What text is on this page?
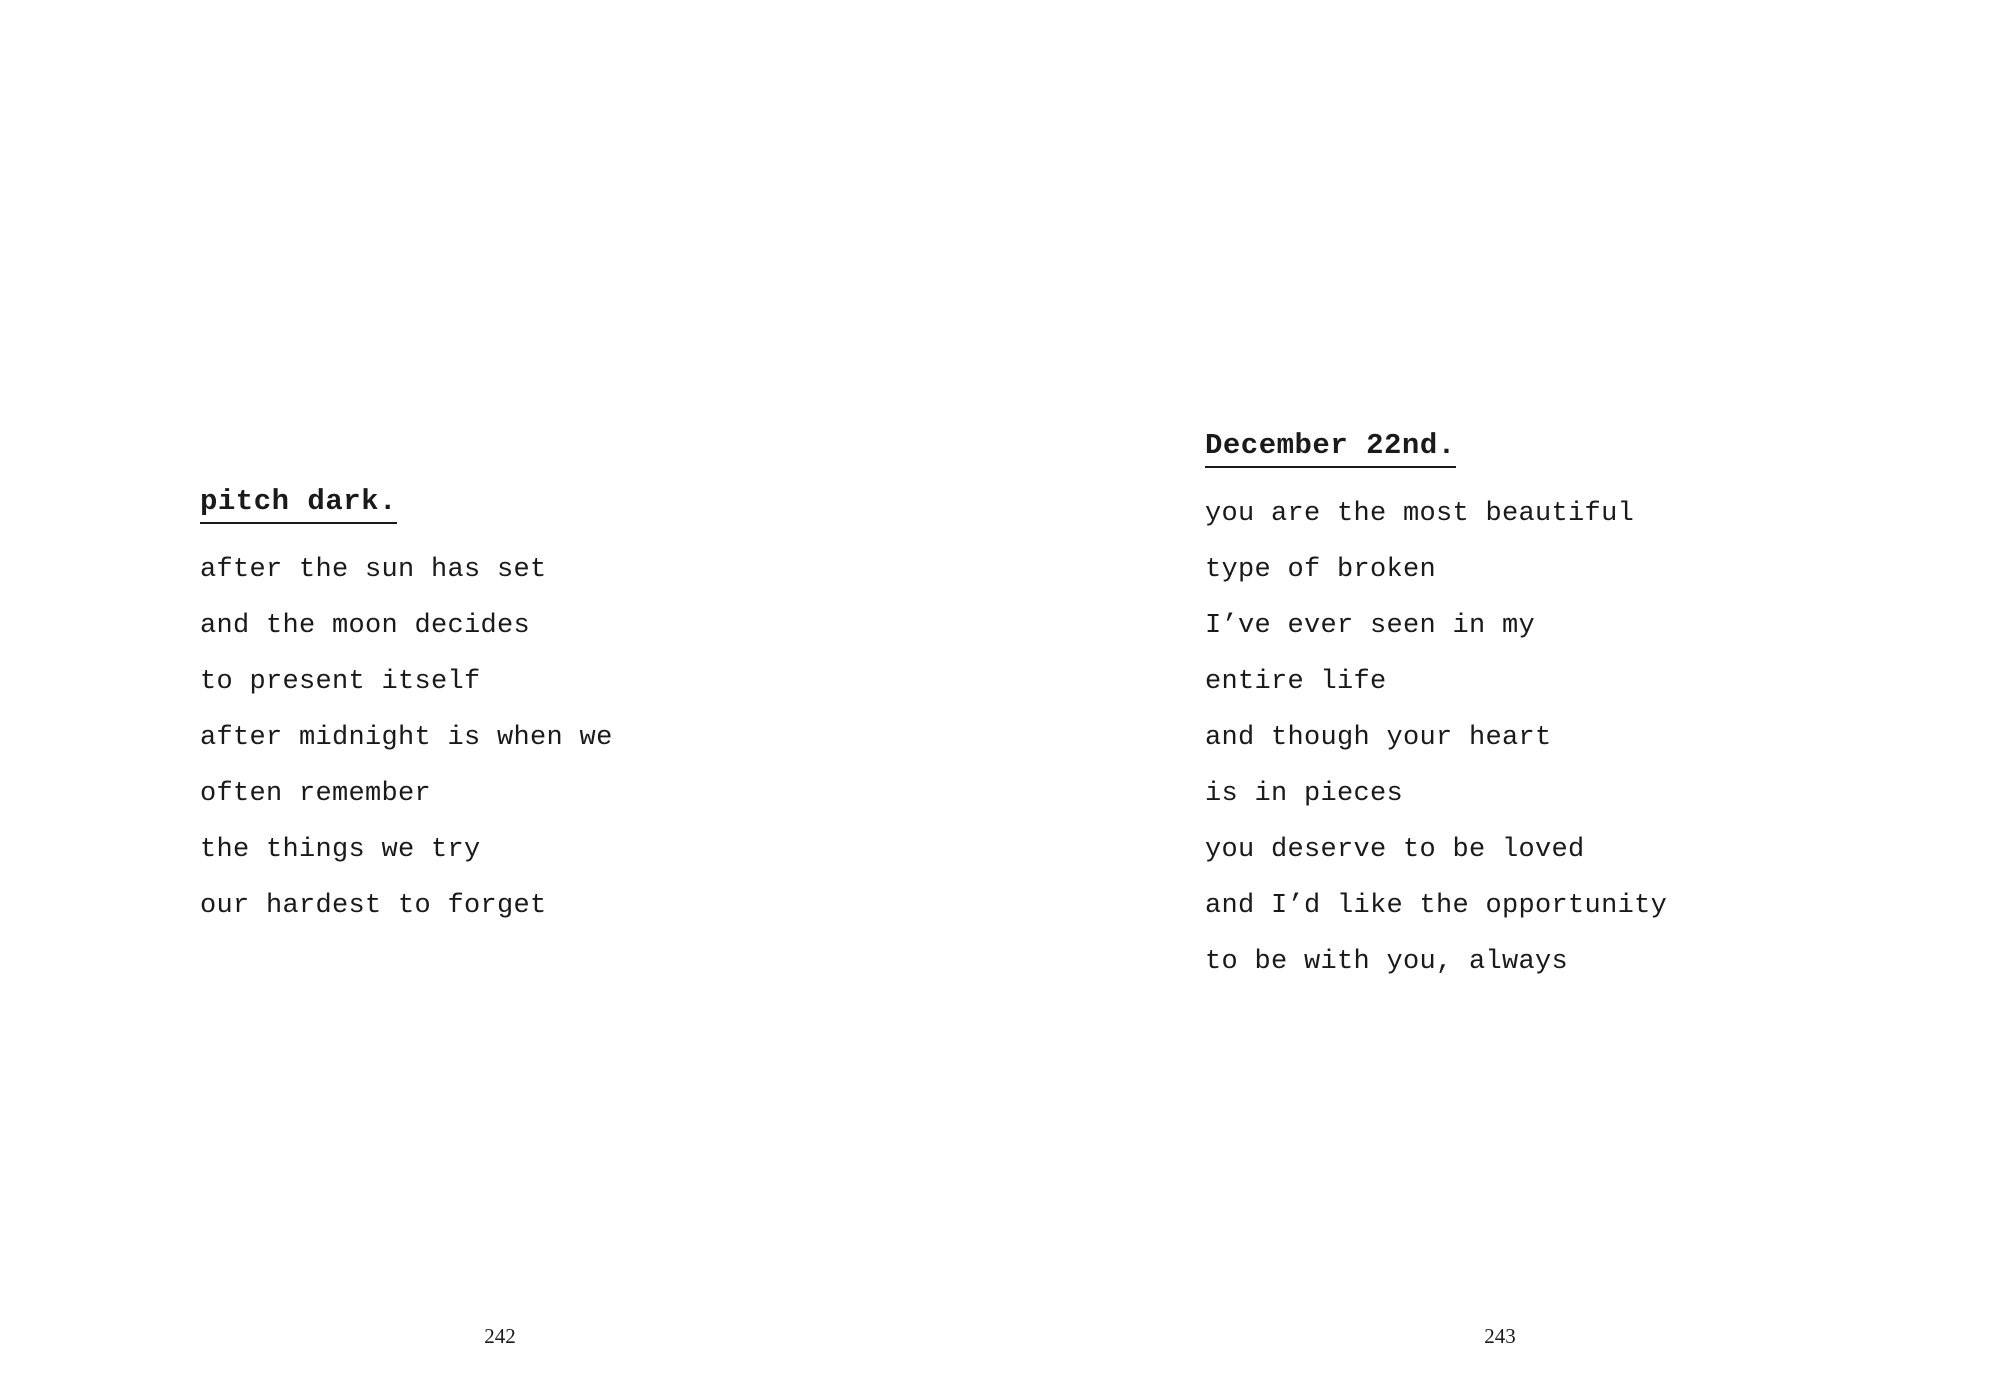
pitch dark.
after the sun has set
and the moon decides
to present itself
after midnight is when we
often remember
the things we try
our hardest to forget
242
December 22nd.
you are the most beautiful
type of broken
I’ve ever seen in my
entire life
and though your heart
is in pieces
you deserve to be loved
and I’d like the opportunity
to be with you, always
243
